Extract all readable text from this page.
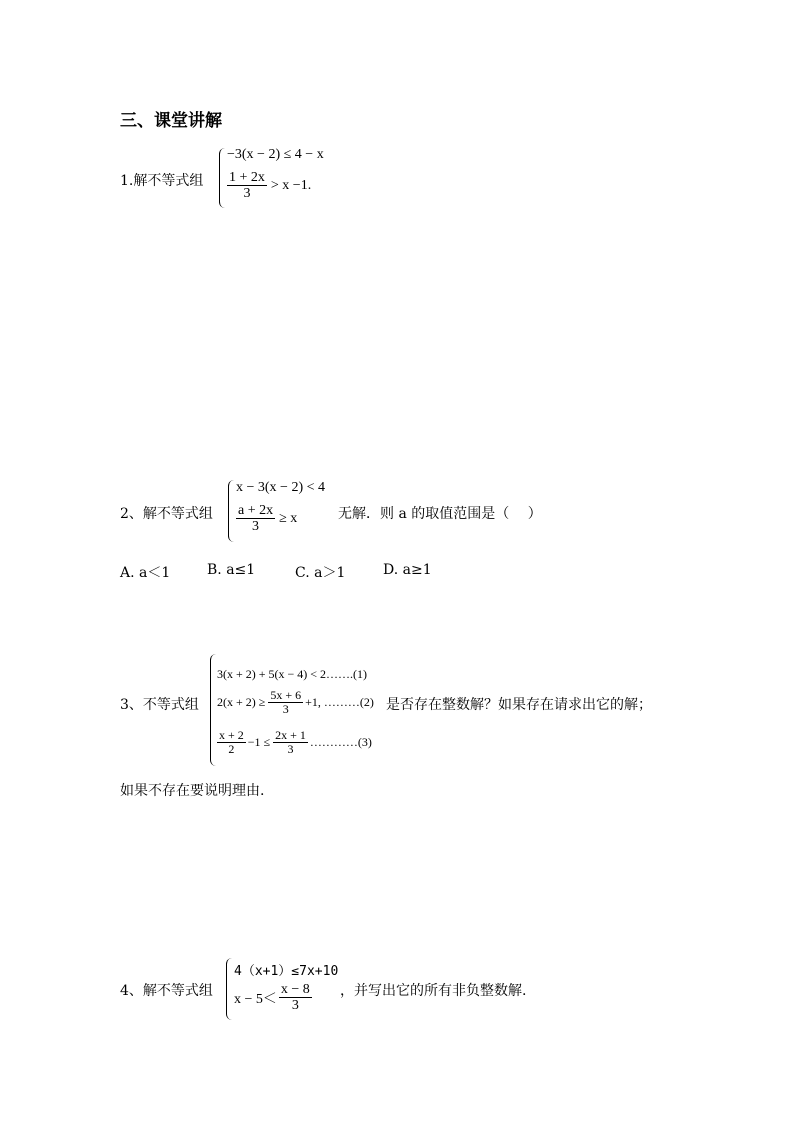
三、课堂讲解
1.解不等式组
−3(x − 2) ≤ 4 − x
$\frac{1 + 2x}{3} > x -1$.
2、解不等式组
x − 3(x − 2) < 4
$\frac{a + 2x}{3} \ge x$	无解．则 a 的取值范围是（　 ）
A. a＜1	B. a≤1	C. a＞1	D. a≥1
3、不等式组
3(x + 2) + 5(x − 4) < 2…….(1)
$2(x + 2) \ge \frac{5x + 6}{3} +1$, ………(2)
$\frac{x + 2}{2} -1 \le \frac{2x + 1}{3}$ …………(3)
是否存在整数解？如果存在请求出它的解；
如果不存在要说明理由.
4、解不等式组
4（x+1）≤7x+10
$x - 5< \frac{x - 8}{3}$ ，并写出它的所有非负整数解.
